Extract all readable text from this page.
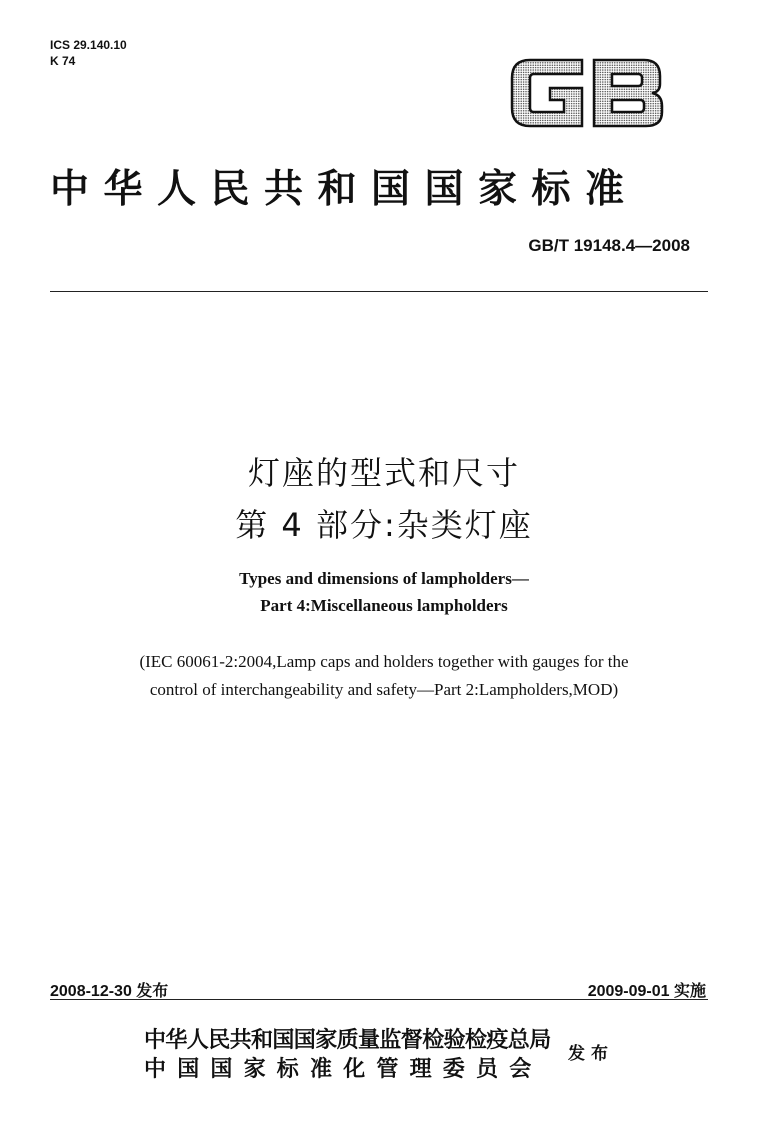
ICS 29.140.10
K 74
中华人民共和国国家标准
GB/T 19148.4—2008
灯座的型式和尺寸
第 4 部分:杂类灯座
Types and dimensions of lampholders—
Part 4:Miscellaneous lampholders
(IEC 60061-2:2004,Lamp caps and holders together with gauges for the
control of interchangeability and safety—Part 2:Lampholders,MOD)
2008-12-30 发布	2009-09-01 实施
中华人民共和国国家质量监督检验检疫总局
中国国家标准化管理委员会
发布
